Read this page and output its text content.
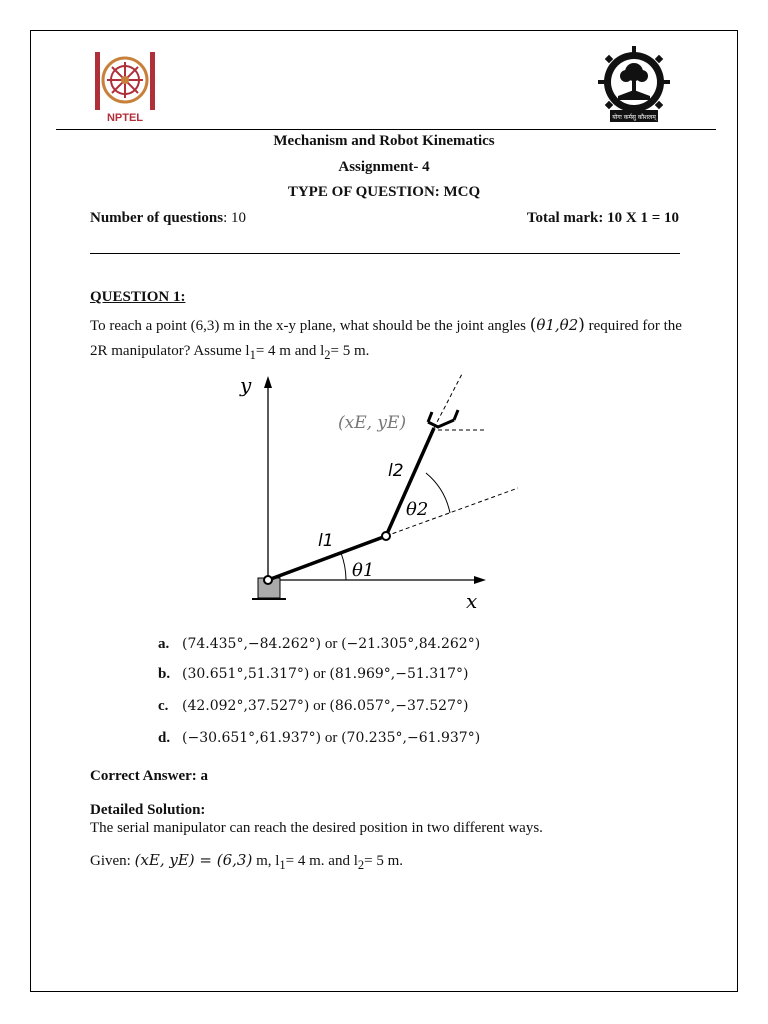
NPTEL	योगः कर्मसु कौशलम्
Mechanism and Robot Kinematics
Assignment- 4
TYPE OF QUESTION: MCQ
Number of questions: 10	Total mark: 10 X 1 = 10
QUESTION 1:
To reach a point (6,3) m in the x-y plane, what should be the joint angles (θ1,θ2) required for the
2R manipulator? Assume $l_1= 4$ m and $l_2= 5$ m.
y
x
(xE, yE)
l1
l2
θ1
θ2
a. (74.435°,−84.262°) or (−21.305°,84.262°)
b. (30.651°,51.317°) or (81.969°,−51.317°)
c. (42.092°,37.527°) or (86.057°,−37.527°)
d. (−30.651°,61.937°) or (70.235°,−61.937°)
Correct Answer: a
Detailed Solution:
The serial manipulator can reach the desired position in two different ways.
Given: (xE, yE) = (6,3) m, $l_1= 4$ m. and $l_2= 5$ m.
